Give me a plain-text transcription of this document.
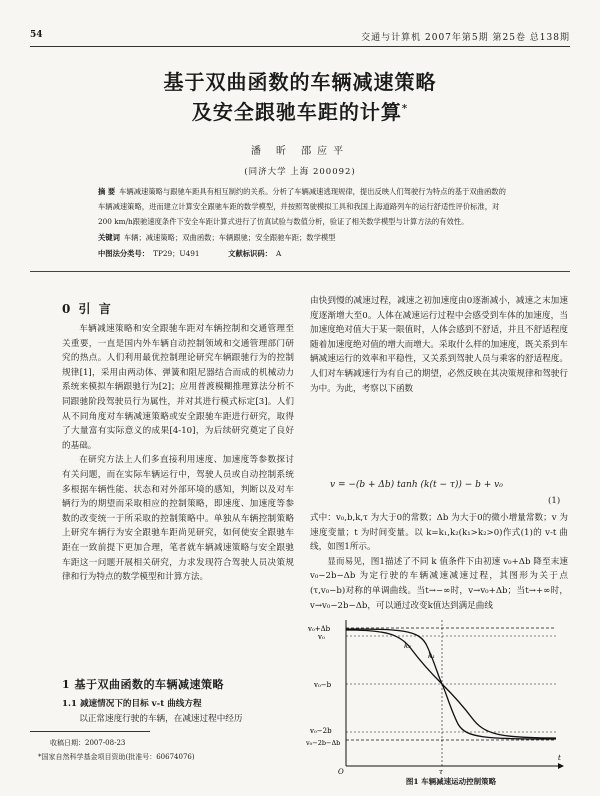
54	交通与计算机 2007年第5期 第25卷 总138期
基于双曲函数的车辆减速策略
及安全跟驰车距的计算*
潘 昕 邵应平
(同济大学 上海 200092)
摘 要 车辆减速策略与跟驰车距具有相互制约的关系。分析了车辆减速逃现规律，提出反映人们驾驶行为特点的基于双曲函数的车辆减速策略，进而建立计算安全跟驰车距的数学模型，并按照驾驶模拟工具和我国上海道路列车的运行舒适性评价标准，对200 km/h跟驰速度条件下安全车距计算式进行了仿真试验与数值分析，验证了相关数学模型与计算方法的有效性。
关键词 车辆；减速策略；双曲函数；车辆跟驰；安全跟驰车距；数学模型
中图法分类号： TP29；U491	文献标识码： A
0 引 言

车辆减速策略和安全跟驰车距对车辆控制和交通管理至关重要，一直是国内外车辆自动控制领域和交通管理部门研究的热点。人们利用最优控制理论研究车辆跟驰行为的控制规律[1]，采用由两动体、弹簧和阻尼器结合而成的机械动力系统来模拟车辆跟驰行为[2]；应用普渡模糊推理算法分析不同跟驰阶段驾驶员行为属性，并对其进行模式标定[3]。人们从不同角度对车辆减速策略或安全跟驰车距进行研究，取得了大量富有实际意义的成果[4-10]，为后续研究奠定了良好的基础。

在研究方法上人们多直接利用速度、加速度等参数探讨有关问题，而在实际车辆运行中，驾驶人员或自动控制系统多根据车辆性能、状态和对外部环境的感知，判断以及对车辆行为的期望而采取相应的控制策略，即速度、加速度等参数的改变统一于所采取的控制策略中。单独从车辆控制策略上研究车辆行为安全跟驰车距尚见研究，如何使安全跟驰车距在一致前提下更加合理，笔者就车辆减速策略与安全跟驰车距这一问题开展相关研究，力求发现符合驾驶人员决策规律和行为特点的数学模型和计算方法。

1 基于双曲函数的车辆减速策略
1.1 减速情况下的目标 v-t 曲线方程

以正常速度行驶的车辆，在减速过程中经历

由快到慢的减速过程，减速之初加速度由0逐渐减小，减速之末加速度逐渐增大至0。人体在减速运行过程中会感受到车体的加速度，当加速度绝对值大于某一限值时，人体会感到不舒适，并且不舒适程度随着加速度绝对值的增大而增大。采取什么样的加速度，既关系到车辆减速运行的效率和平稳性，又关系到驾驶人员与乘客的舒适程度。人们对车辆减速行为有自己的期望，必然反映在其决策规律和驾驶行为中。为此，考察以下函数

v = −(b + Δb) tanh (k(t − τ)) − b + v₀
(1)

式中：v₀,b,k,τ 为大于0的常数；Δb 为大于0的微小增量常数；v 为速度变量；t 为时间变量。以 k=k₁,k₂(k₁>k₂>0)作式(1)的 v-t 曲线，如图1所示。

显而易见，图1描述了不同 k 值条件下由初速 v₀+Δb 降至末速 v₀−2b−Δb 为定行驶的车辆减速减速过程，其图形为关于点(τ,v₀−b)对称的单调曲线。当t→−∞时，v→v₀+Δb；当t→+∞时，v→v₀−2b−Δb，可以通过改变k值达到满足曲线

v₀+Δb
v₀
v₀−b
v₀−2b
v₀−2b−Δb
k₁
k₂
τ
t
O
图1 车辆减速运动控制策略
收稿日期：2007-08-23
*国家自然科学基金项目资助(批准号：60674076)
